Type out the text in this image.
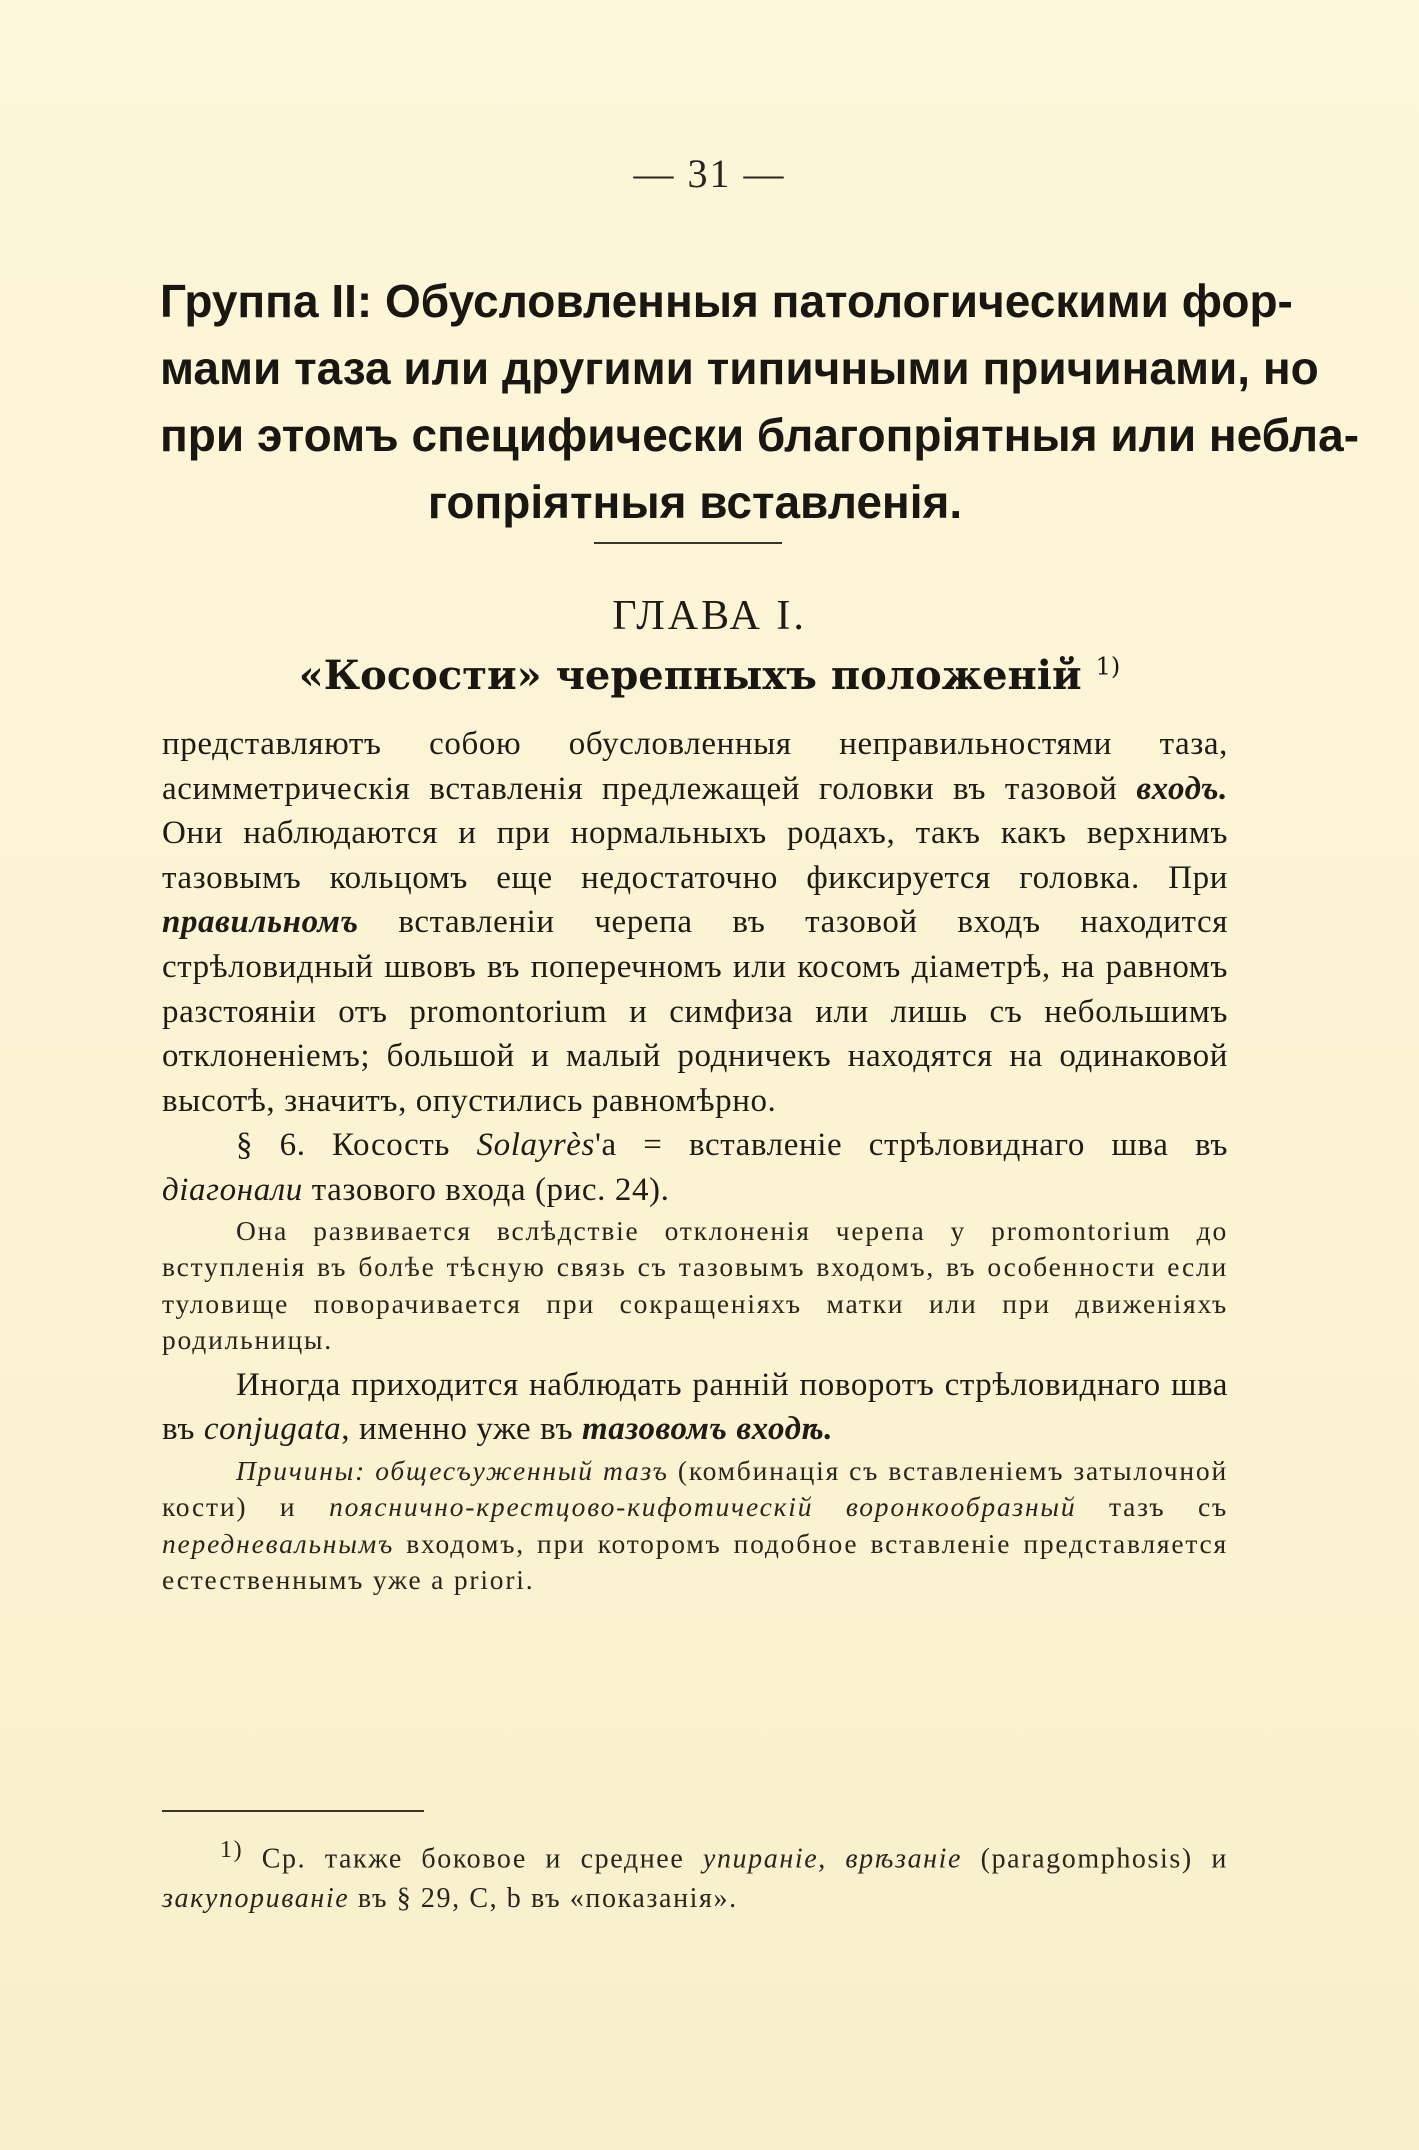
— 31 —
Группа II: Обусловленныя патологическими фор-
мами таза или другими типичными причинами, но
при этомъ специфически благопріятныя или небла-
гопріятныя вставленія.
ГЛАВА I.
«Косости» черепныхъ положеній $^{1)}$

представляютъ собою обусловленныя неправильностями таза, асимметрическія вставленія предлежащей головки въ тазовой входъ. Они наблюдаются и при нормальныхъ родахъ, такъ какъ верхнимъ тазовымъ кольцомъ еще недостаточно фиксируется головка. При правильномъ вставленіи черепа въ тазовой входъ находится стрѣловидный швовъ въ поперечномъ или косомъ діаметрѣ, на равномъ разстояніи отъ promontorium и симфиза или лишь съ небольшимъ отклоненіемъ; большой и малый родничекъ находятся на одинаковой высотѣ, значитъ, опустились равномѣрно.

§ 6. Косость Solayrès'а = вставленіе стрѣловиднаго шва въ діагонали тазового входа (рис. 24).

Она развивается вслѣдствіе отклоненія черепа у promontorium до вступленія въ болѣе тѣсную связь съ тазовымъ входомъ, въ особенности если туловище поворачивается при сокращеніяхъ матки или при движеніяхъ родильницы.

Иногда приходится наблюдать раннiй поворотъ стрѣловиднаго шва въ conjugata, именно уже въ тазовомъ входѣ.

Причины: общесъуженный тазъ (комбинація съ вставленіемъ затылочной кости) и пояснично-крестцово-кифотическій воронкообразный тазъ съ передневальнымъ входомъ, при которомъ подобное вставленіе представляется естественнымъ уже a priori.

$^{1)}$ Ср. также боковое и среднее упираніе, врѣзаніе (paragomphosis) и закупориваніе въ § 29, C, b въ «показанія».
